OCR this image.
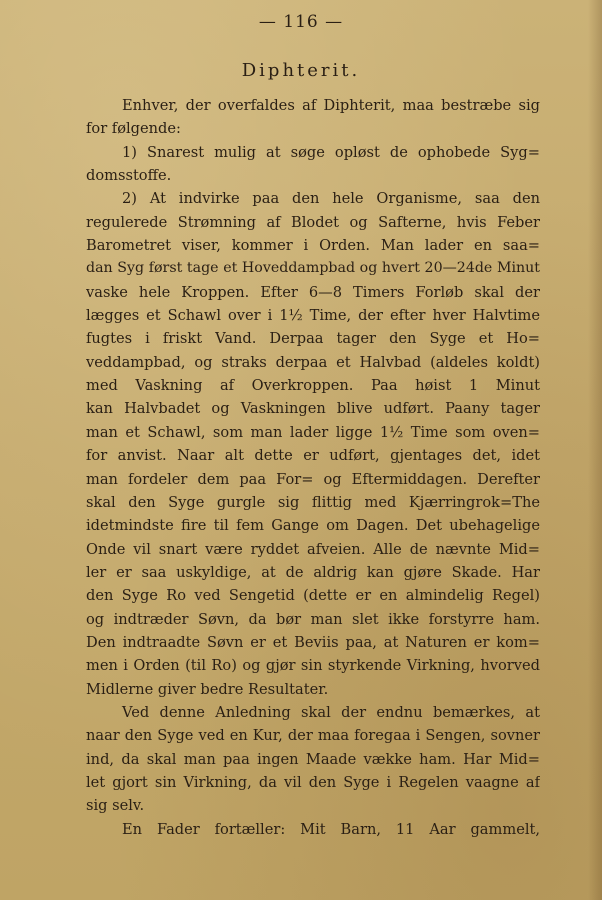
— 116 —
Diphterit.
Enhver, der overfaldes af Diphterit, maa bestræbe sig
for følgende:
1) Snarest mulig at søge opløst de ophobede Syg=
domsstoffe.
2) At indvirke paa den hele Organisme, saa den
regulerede Strømning af Blodet og Safterne, hvis Feber
Barometret viser, kommer i Orden. Man lader en saa=
dan Syg først tage et Hoveddampbad og hvert 20—24de Minut
vaske hele Kroppen. Efter 6—8 Timers Forløb skal der
lægges et Schawl over i 1½ Time, der efter hver Halvtime
fugtes i friskt Vand. Derpaa tager den Syge et Ho=
veddampbad, og straks derpaa et Halvbad (aldeles koldt)
med Vaskning af Overkroppen. Paa høist 1 Minut
kan Halvbadet og Vaskningen blive udført. Paany tager
man et Schawl, som man lader ligge 1½ Time som oven=
for anvist. Naar alt dette er udført, gjentages det, idet
man fordeler dem paa For= og Eftermiddagen. Derefter
skal den Syge gurgle sig flittig med Kjærringrok=The
idetmindste fire til fem Gange om Dagen. Det ubehagelige
Onde vil snart være ryddet afveien. Alle de nævnte Mid=
ler er saa uskyldige, at de aldrig kan gjøre Skade. Har
den Syge Ro ved Sengetid (dette er en almindelig Regel)
og indtræder Søvn, da bør man slet ikke forstyrre ham.
Den indtraadte Søvn er et Beviis paa, at Naturen er kom=
men i Orden (til Ro) og gjør sin styrkende Virkning, hvorved
Midlerne giver bedre Resultater.
Ved denne Anledning skal der endnu bemærkes, at
naar den Syge ved en Kur, der maa foregaa i Sengen, sovner
ind, da skal man paa ingen Maade vække ham. Har Mid=
let gjort sin Virkning, da vil den Syge i Regelen vaagne af
sig selv.
En Fader fortæller: Mit Barn, 11 Aar gammelt,
